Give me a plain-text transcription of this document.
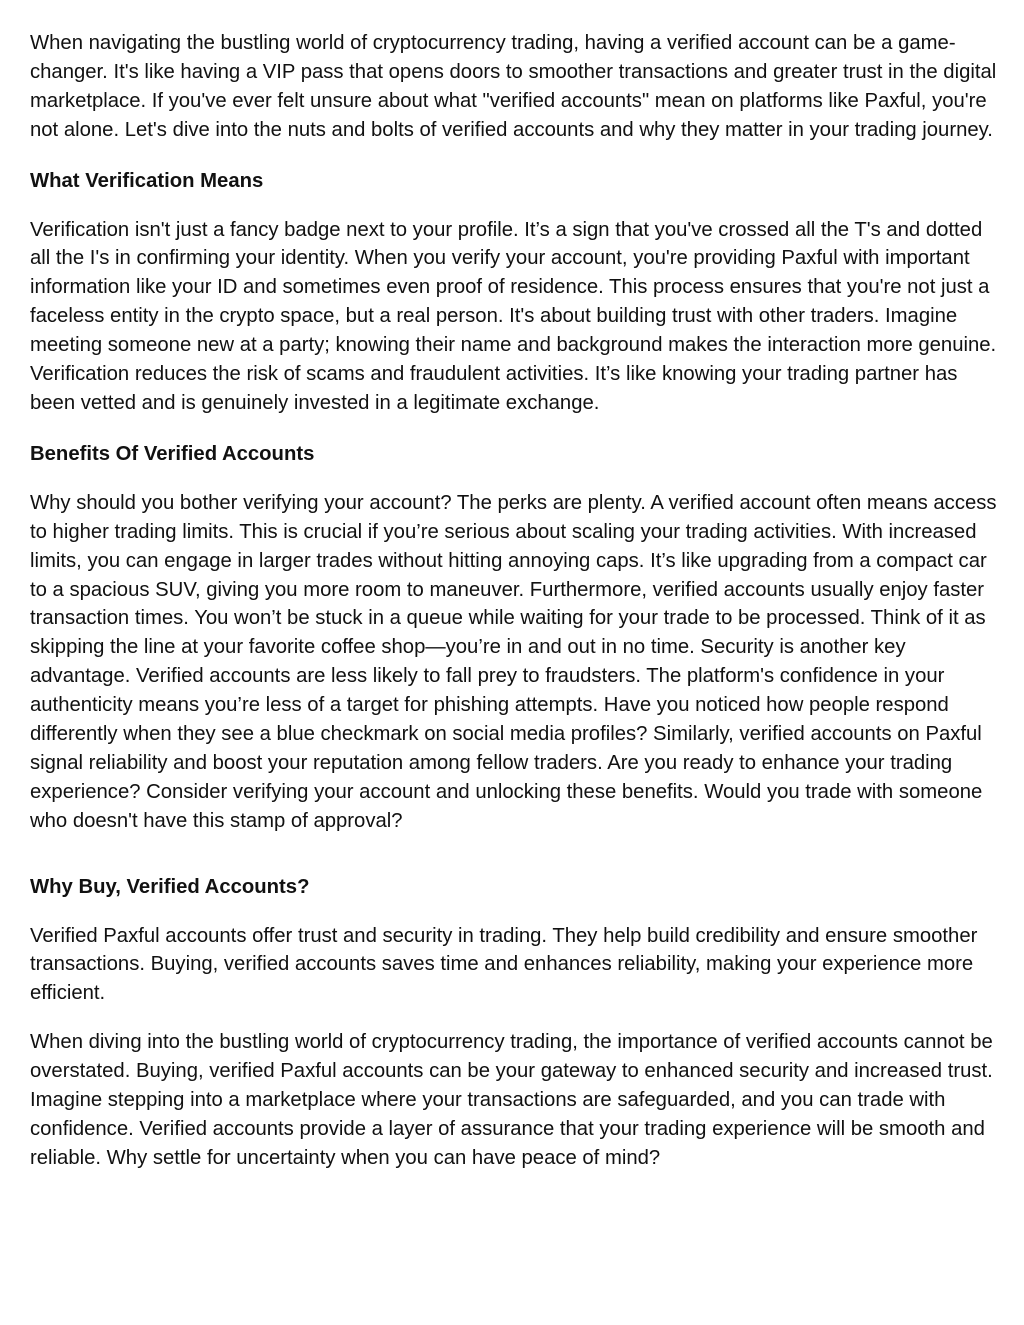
When navigating the bustling world of cryptocurrency trading, having a verified account can be a game-changer. It's like having a VIP pass that opens doors to smoother transactions and greater trust in the digital marketplace. If you've ever felt unsure about what "verified accounts" mean on platforms like Paxful, you're not alone. Let's dive into the nuts and bolts of verified accounts and why they matter in your trading journey.

What Verification Means

Verification isn't just a fancy badge next to your profile. It’s a sign that you've crossed all the T's and dotted all the I's in confirming your identity. When you verify your account, you're providing Paxful with important information like your ID and sometimes even proof of residence. This process ensures that you're not just a faceless entity in the crypto space, but a real person. It's about building trust with other traders. Imagine meeting someone new at a party; knowing their name and background makes the interaction more genuine. Verification reduces the risk of scams and fraudulent activities. It’s like knowing your trading partner has been vetted and is genuinely invested in a legitimate exchange.

Benefits Of Verified Accounts

Why should you bother verifying your account? The perks are plenty. A verified account often means access to higher trading limits. This is crucial if you’re serious about scaling your trading activities. With increased limits, you can engage in larger trades without hitting annoying caps. It’s like upgrading from a compact car to a spacious SUV, giving you more room to maneuver. Furthermore, verified accounts usually enjoy faster transaction times. You won’t be stuck in a queue while waiting for your trade to be processed. Think of it as skipping the line at your favorite coffee shop—you’re in and out in no time. Security is another key advantage. Verified accounts are less likely to fall prey to fraudsters. The platform's confidence in your authenticity means you’re less of a target for phishing attempts. Have you noticed how people respond differently when they see a blue checkmark on social media profiles? Similarly, verified accounts on Paxful signal reliability and boost your reputation among fellow traders. Are you ready to enhance your trading experience? Consider verifying your account and unlocking these benefits. Would you trade with someone who doesn't have this stamp of approval?

Why Buy, Verified Accounts?

Verified Paxful accounts offer trust and security in trading. They help build credibility and ensure smoother transactions. Buying, verified accounts saves time and enhances reliability, making your experience more efficient.

When diving into the bustling world of cryptocurrency trading, the importance of verified accounts cannot be overstated. Buying, verified Paxful accounts can be your gateway to enhanced security and increased trust. Imagine stepping into a marketplace where your transactions are safeguarded, and you can trade with confidence. Verified accounts provide a layer of assurance that your trading experience will be smooth and reliable. Why settle for uncertainty when you can have peace of mind?
